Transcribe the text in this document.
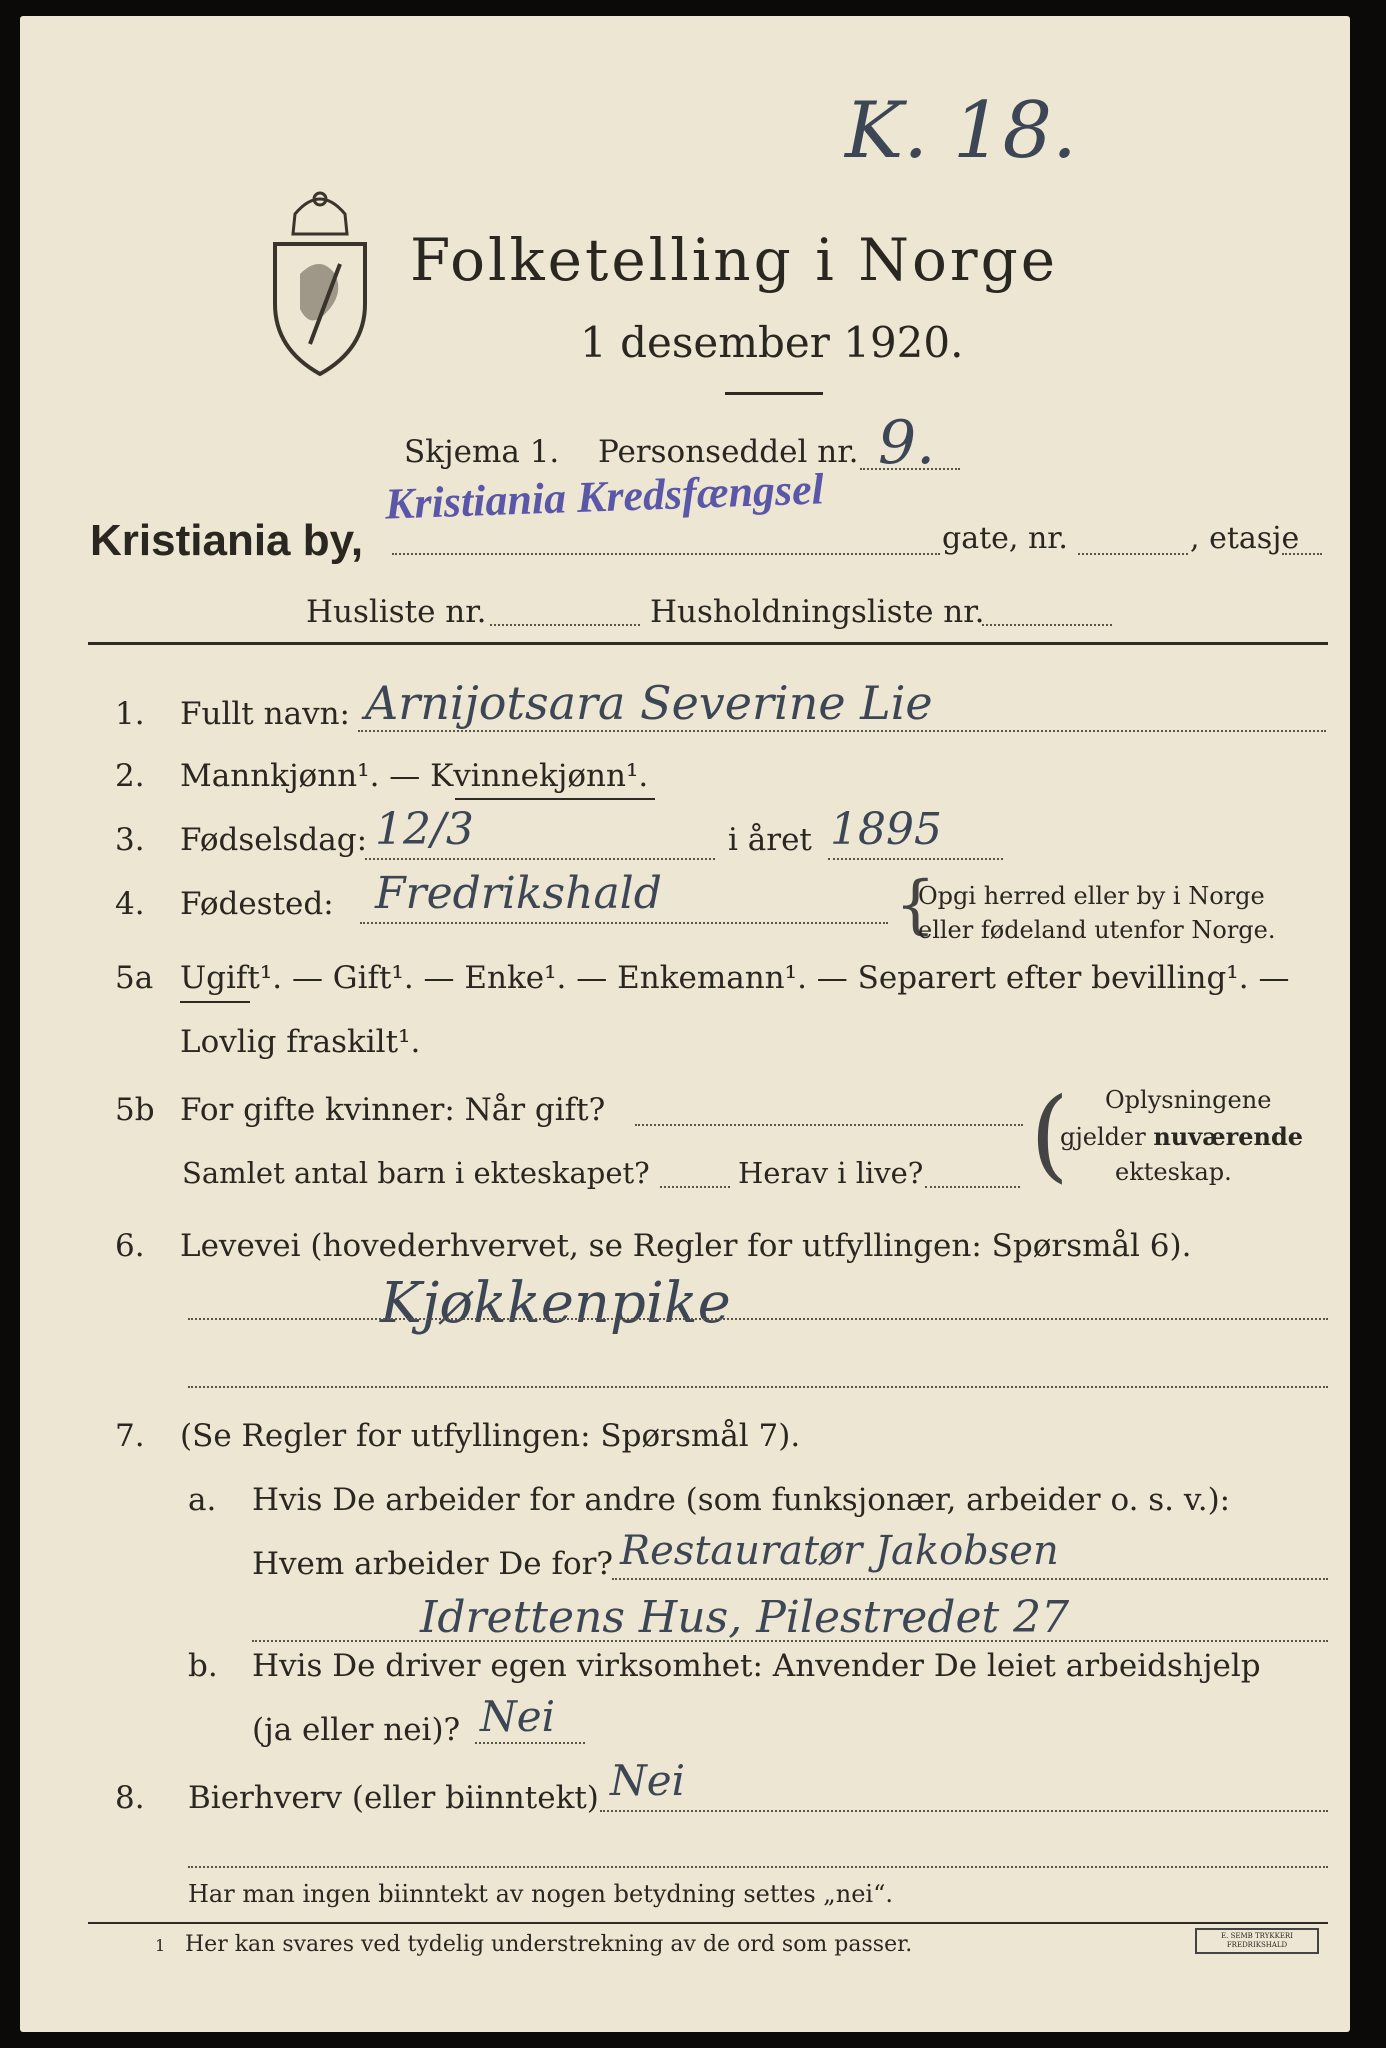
K. 18.
Folketelling i Norge
1 desember 1920.
Skjema 1. Personseddel nr. 9.
Kristiania Kredsfængsel
Kristiania by,	gate, nr.	, etasje
Husliste nr.	Husholdningsliste nr.
1. Fullt navn: Arnijotsara Severine Lie
2. Mannkjønn¹. — Kvinnekjønn¹.
3. Fødselsdag: 12/3	i året 1895
4. Fødested: Fredrikshald	{
Opgi herred eller by i Norge
eller fødeland utenfor Norge.
5a Ugift¹. — Gift¹. — Enke¹. — Enkemann¹. — Separert efter bevilling¹. —
Lovlig fraskilt¹.
5b For gifte kvinner: Når gift?
Samlet antal barn i ekteskapet?	Herav i live? ( Oplysningene
gjelder nuværende
ekteskap.
6. Levevei (hovederhvervet, se Regler for utfyllingen: Spørsmål 6).
Kjøkkenpike
7. (Se Regler for utfyllingen: Spørsmål 7).
a. Hvis De arbeider for andre (som funksjonær, arbeider o. s. v.):
Hvem arbeider De for? Restauratør Jakobsen
Idrettens Hus, Pilestredet 27
b. Hvis De driver egen virksomhet: Anvender De leiet arbeidshjelp
(ja eller nei)? Nei
8. Bierhverv (eller biinntekt) Nei
Har man ingen biinntekt av nogen betydning settes „nei“.
1 Her kan svares ved tydelig understrekning av de ord som passer.	E. SEMB TRYKKERI FREDRIKSHALD
